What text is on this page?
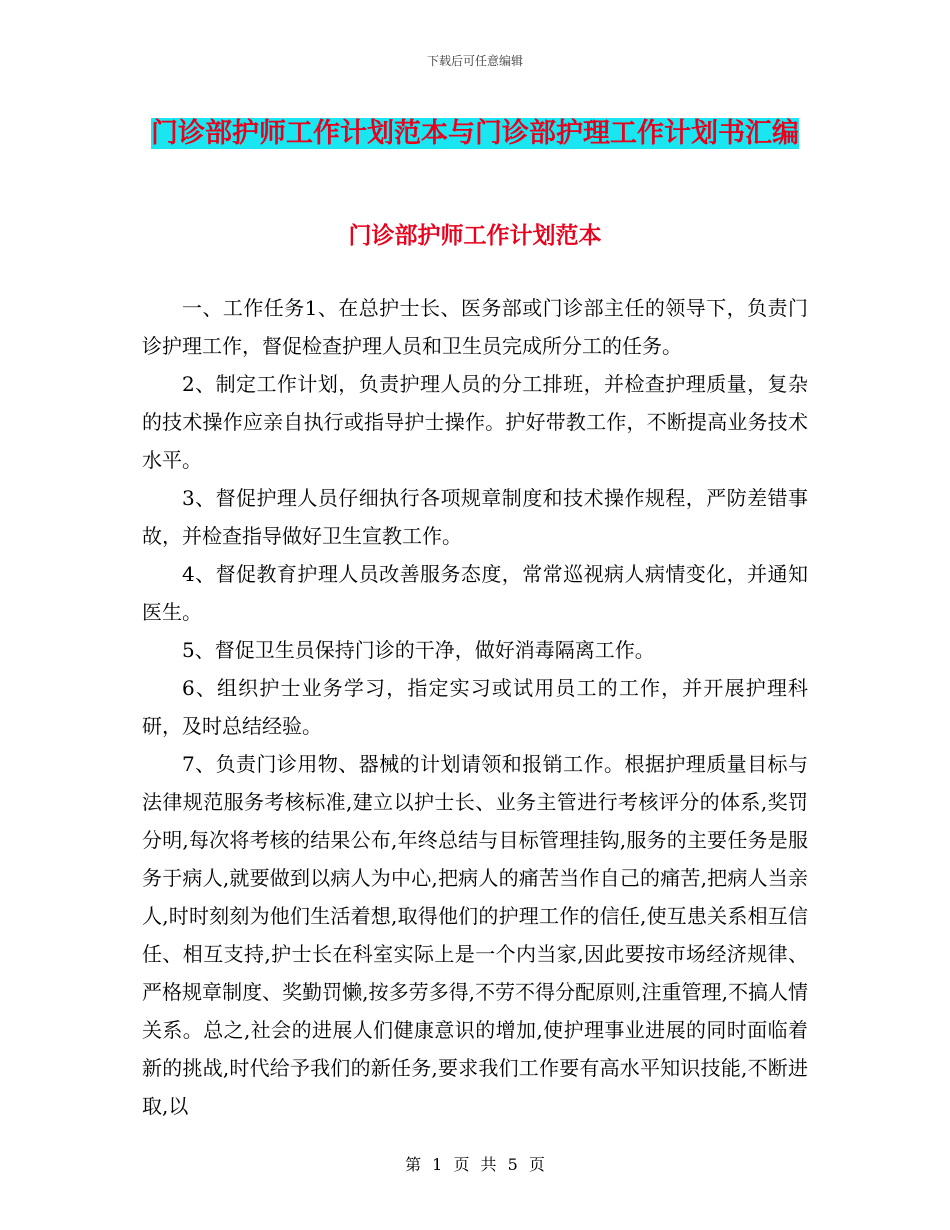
下载后可任意编辑
门诊部护师工作计划范本与门诊部护理工作计划书汇编
门诊部护师工作计划范本

一、工作任务1、在总护士长、医务部或门诊部主任的领导下，负责门诊护理工作，督促检查护理人员和卫生员完成所分工的任务。

2、制定工作计划，负责护理人员的分工排班，并检查护理质量，复杂的技术操作应亲自执行或指导护士操作。护好带教工作，不断提高业务技术水平。

3、督促护理人员仔细执行各项规章制度和技术操作规程，严防差错事故，并检查指导做好卫生宣教工作。

4、督促教育护理人员改善服务态度，常常巡视病人病情变化，并通知医生。

5、督促卫生员保持门诊的干净，做好消毒隔离工作。

6、组织护士业务学习，指定实习或试用员工的工作，并开展护理科研，及时总结经验。

7、负责门诊用物、器械的计划请领和报销工作。根据护理质量目标与法律规范服务考核标准,建立以护士长、业务主管进行考核评分的体系,奖罚分明,每次将考核的结果公布,年终总结与目标管理挂钩,服务的主要任务是服务于病人,就要做到以病人为中心,把病人的痛苦当作自己的痛苦,把病人当亲人,时时刻刻为他们生活着想,取得他们的护理工作的信任,使互患关系相互信任、相互支持,护士长在科室实际上是一个内当家,因此要按市场经济规律、严格规章制度、奖勤罚懒,按多劳多得,不劳不得分配原则,注重管理,不搞人情关系。总之,社会的进展人们健康意识的增加,使护理事业进展的同时面临着新的挑战,时代给予我们的新任务,要求我们工作要有高水平知识技能,不断进取,以

第 1 页 共 5 页
